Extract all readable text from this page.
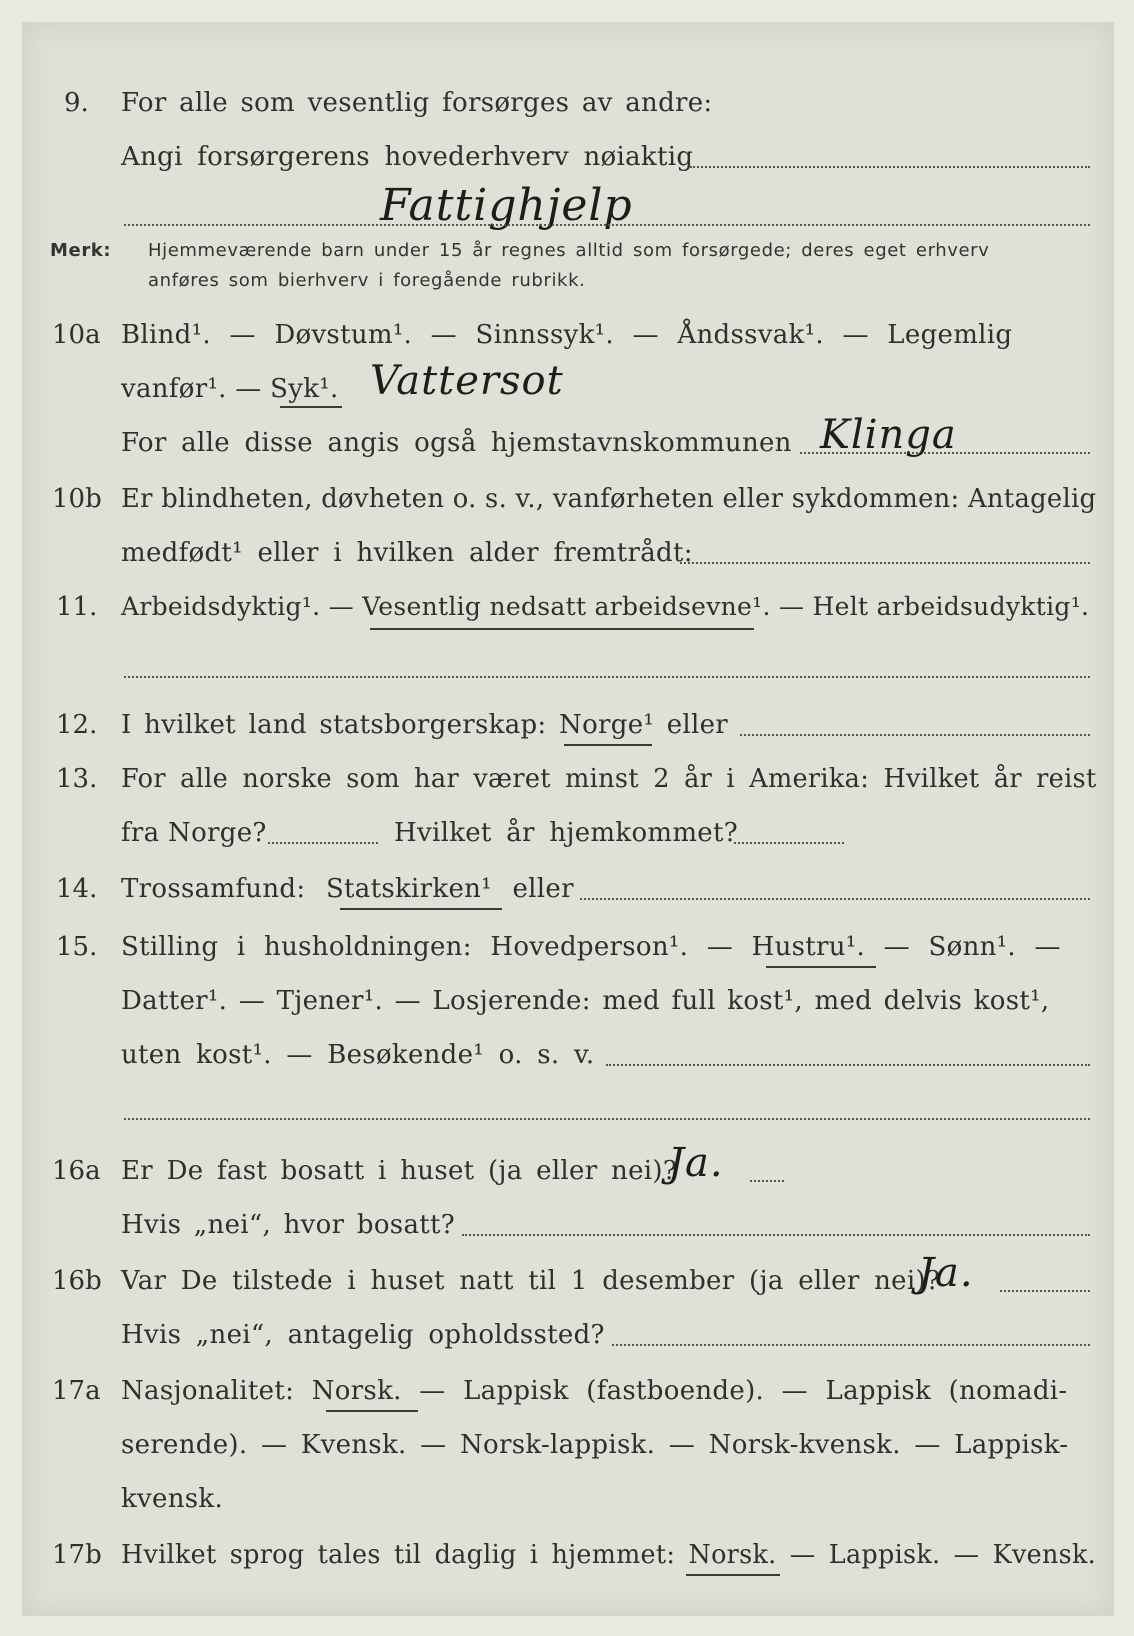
9. For alle som vesentlig forsørges av andre:
Angi forsørgerens hovederhverv nøiaktig
Fattighjelp
Merk: Hjemmeværende barn under 15 år regnes alltid som forsørgede; deres eget erhverv
anføres som bierhverv i foregående rubrikk.
10a Blind¹. — Døvstum¹. — Sinnssyk¹. — Åndssvak¹. — Legemlig
vanfør¹. — Syk¹. Vattersot
For alle disse angis også hjemstavnskommunen Klinga
10b Er blindheten, døvheten o. s. v., vanførheten eller sykdommen: Antagelig
medfødt¹ eller i hvilken alder fremtrådt:
11. Arbeidsdyktig¹. — Vesentlig nedsatt arbeidsevne¹. — Helt arbeidsudyktig¹.
12. I hvilket land statsborgerskap: Norge¹ eller
13. For alle norske som har været minst 2 år i Amerika: Hvilket år reist
fra Norge?	Hvilket år hjemkommet?
14. Trossamfund: Statskirken¹ eller
15. Stilling i husholdningen: Hovedperson¹. — Hustru¹. — Sønn¹. —
Datter¹. — Tjener¹. — Losjerende: med full kost¹, med delvis kost¹,
uten kost¹. — Besøkende¹ o. s. v.
16a Er De fast bosatt i huset (ja eller nei)?
Ja.
Hvis „nei“, hvor bosatt?
16b Var De tilstede i huset natt til 1 desember (ja eller nei)?
Ja.
Hvis „nei“, antagelig opholdssted?
17a Nasjonalitet: Norsk. — Lappisk (fastboende). — Lappisk (nomadi-
serende). — Kvensk. — Norsk-lappisk. — Norsk-kvensk. — Lappisk-
kvensk.
17b Hvilket sprog tales til daglig i hjemmet: Norsk. — Lappisk. — Kvensk.
